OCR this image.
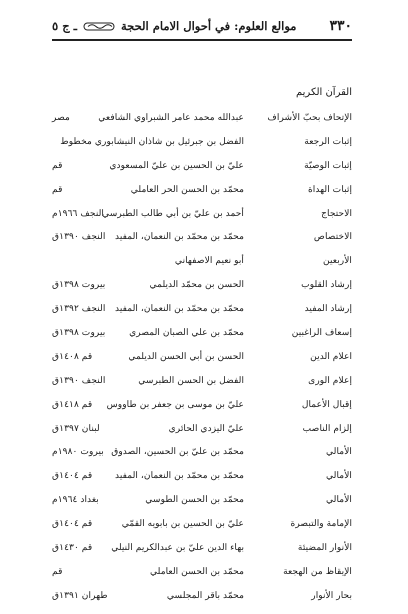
٣٣٠
موالع العلوم: في أحوال الامام الحجة
ـ ج ٥
القرآن الكريم
الإتحاف بحبّ الأشراف
عبدالله محمد عامر الشبراوي الشافعي
مصر
إثبات الرجعة
الفضل بن جبرئيل بن شاذان النيشابوري مخطوط
إثبات الوصيّة
عليّ بن الحسين بن عليّ المسعودي
قم
إثبات الهداة
محمّد بن الحسن الحر العاملي
قم
الاحتجاج
أحمد بن عليّ بن أبي طالب الطبرسي
النجف ١٩٦٦م
الاختصاص
محمّد بن محمّد بن النعمان، المفيد
النجف ١٣٩٠ق
الأربعين
أبو نعيم الاصفهاني
إرشاد القلوب
الحسن بن محمّد الديلمي
بيروت ١٣٩٨ق
إرشاد المفيد
محمّد بن محمّد بن النعمان، المفيد
النجف ١٣٩٢ق
إسعاف الراغبين
محمّد بن علي الصبان المصري
بيروت ١٣٩٨ق
اعلام الدين
الحسن بن أبي الحسن الديلمي
قم ١٤٠٨ق
إعلام الورى
الفضل بن الحسن الطبرسي
النجف ١٣٩٠ق
إقبال الأعمال
عليّ بن موسى بن جعفر بن طاووس
قم ١٤١٨ق
إلزام الناصب
عليّ اليزدي الحائري
لبنان ١٣٩٧ق
الأمالي
محمّد بن عليّ بن الحسين، الصدوق
بيروت ١٩٨٠م
الأمالي
محمّد بن محمّد بن النعمان، المفيد
قم ١٤٠٤ق
الأمالي
محمّد بن الحسن الطوسي
بغداد ١٩٦٤م
الإمامة والتبصرة
عليّ بن الحسين بن بابويه القمّي
قم ١٤٠٤ق
الأنوار المضيئة
بهاء الدين عليّ بن عبدالكريم النيلي
قم ١٤٣٠ق
الإيقاظ من الهجعة
محمّد بن الحسن العاملي
قم
بحار الأنوار
محمّد باقر المجلسي
طهران ١٣٩١ق
